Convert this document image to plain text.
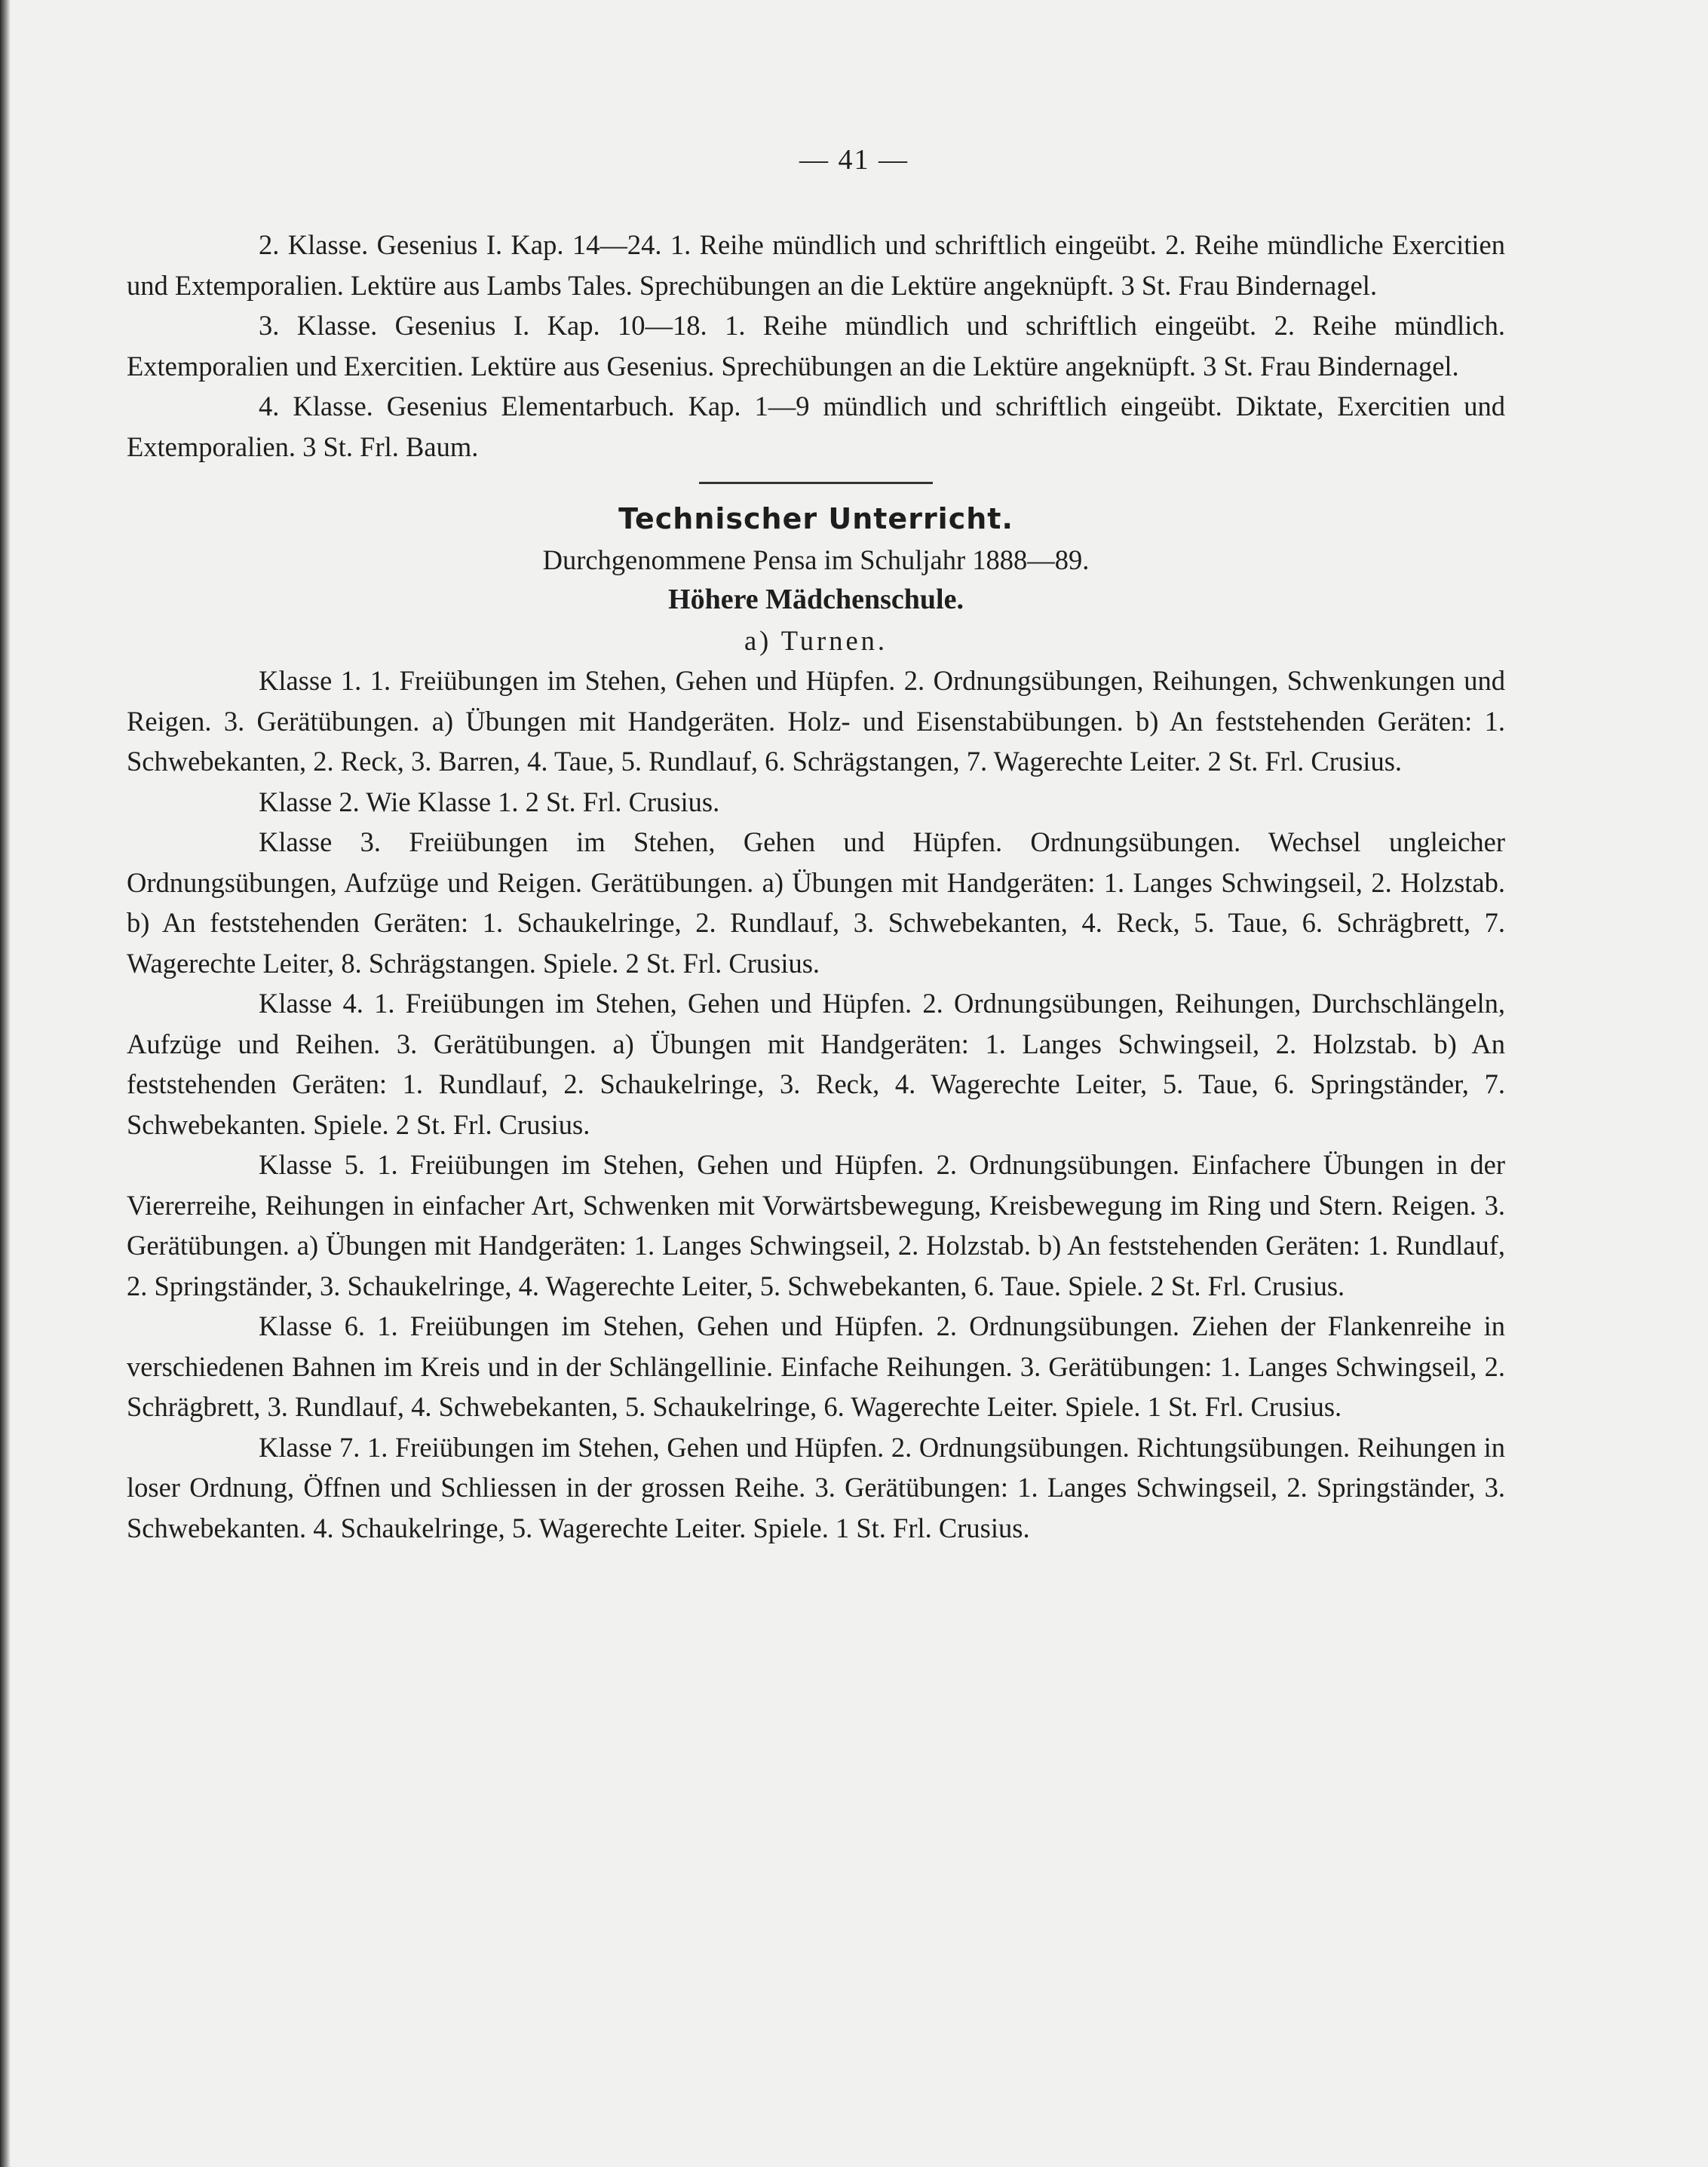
— 41 —

2. Klasse. Gesenius I. Kap. 14—24. 1. Reihe mündlich und schriftlich eingeübt. 2. Reihe mündliche Exercitien und Extemporalien. Lektüre aus Lambs Tales. Sprechübungen an die Lektüre angeknüpft. 3 St. Frau Bindernagel.

3. Klasse. Gesenius I. Kap. 10—18. 1. Reihe mündlich und schriftlich eingeübt. 2. Reihe mündlich. Extemporalien und Exercitien. Lektüre aus Gesenius. Sprechübungen an die Lektüre angeknüpft. 3 St. Frau Bindernagel.

4. Klasse. Gesenius Elementarbuch. Kap. 1—9 mündlich und schriftlich eingeübt. Diktate, Exercitien und Extemporalien. 3 St. Frl. Baum.

Technischer Unterricht.

Durchgenommene Pensa im Schuljahr 1888—89.

Höhere Mädchenschule.

a) Turnen.

Klasse 1. 1. Freiübungen im Stehen, Gehen und Hüpfen. 2. Ordnungsübungen, Reihungen, Schwenkungen und Reigen. 3. Gerätübungen. a) Übungen mit Handgeräten. Holz- und Eisenstabübungen. b) An feststehenden Geräten: 1. Schwebekanten, 2. Reck, 3. Barren, 4. Taue, 5. Rundlauf, 6. Schrägstangen, 7. Wagerechte Leiter. 2 St. Frl. Crusius.

Klasse 2. Wie Klasse 1. 2 St. Frl. Crusius.

Klasse 3. Freiübungen im Stehen, Gehen und Hüpfen. Ordnungsübungen. Wechsel ungleicher Ordnungsübungen, Aufzüge und Reigen. Gerätübungen. a) Übungen mit Handgeräten: 1. Langes Schwingseil, 2. Holzstab. b) An feststehenden Geräten: 1. Schaukelringe, 2. Rundlauf, 3. Schwebekanten, 4. Reck, 5. Taue, 6. Schrägbrett, 7. Wagerechte Leiter, 8. Schrägstangen. Spiele. 2 St. Frl. Crusius.

Klasse 4. 1. Freiübungen im Stehen, Gehen und Hüpfen. 2. Ordnungsübungen, Reihungen, Durchschlängeln, Aufzüge und Reihen. 3. Gerätübungen. a) Übungen mit Handgeräten: 1. Langes Schwingseil, 2. Holzstab. b) An feststehenden Geräten: 1. Rundlauf, 2. Schaukelringe, 3. Reck, 4. Wagerechte Leiter, 5. Taue, 6. Springständer, 7. Schwebekanten. Spiele. 2 St. Frl. Crusius.

Klasse 5. 1. Freiübungen im Stehen, Gehen und Hüpfen. 2. Ordnungsübungen. Einfachere Übungen in der Viererreihe, Reihungen in einfacher Art, Schwenken mit Vorwärtsbewegung, Kreisbewegung im Ring und Stern. Reigen. 3. Gerätübungen. a) Übungen mit Handgeräten: 1. Langes Schwingseil, 2. Holzstab. b) An feststehenden Geräten: 1. Rundlauf, 2. Springständer, 3. Schaukelringe, 4. Wagerechte Leiter, 5. Schwebekanten, 6. Taue. Spiele. 2 St. Frl. Crusius.

Klasse 6. 1. Freiübungen im Stehen, Gehen und Hüpfen. 2. Ordnungsübungen. Ziehen der Flankenreihe in verschiedenen Bahnen im Kreis und in der Schlängellinie. Einfache Reihungen. 3. Gerätübungen: 1. Langes Schwingseil, 2. Schrägbrett, 3. Rundlauf, 4. Schwebekanten, 5. Schaukelringe, 6. Wagerechte Leiter. Spiele. 1 St. Frl. Crusius.

Klasse 7. 1. Freiübungen im Stehen, Gehen und Hüpfen. 2. Ordnungsübungen. Richtungsübungen. Reihungen in loser Ordnung, Öffnen und Schliessen in der grossen Reihe. 3. Gerätübungen: 1. Langes Schwingseil, 2. Springständer, 3. Schwebekanten. 4. Schaukelringe, 5. Wagerechte Leiter. Spiele. 1 St. Frl. Crusius.
